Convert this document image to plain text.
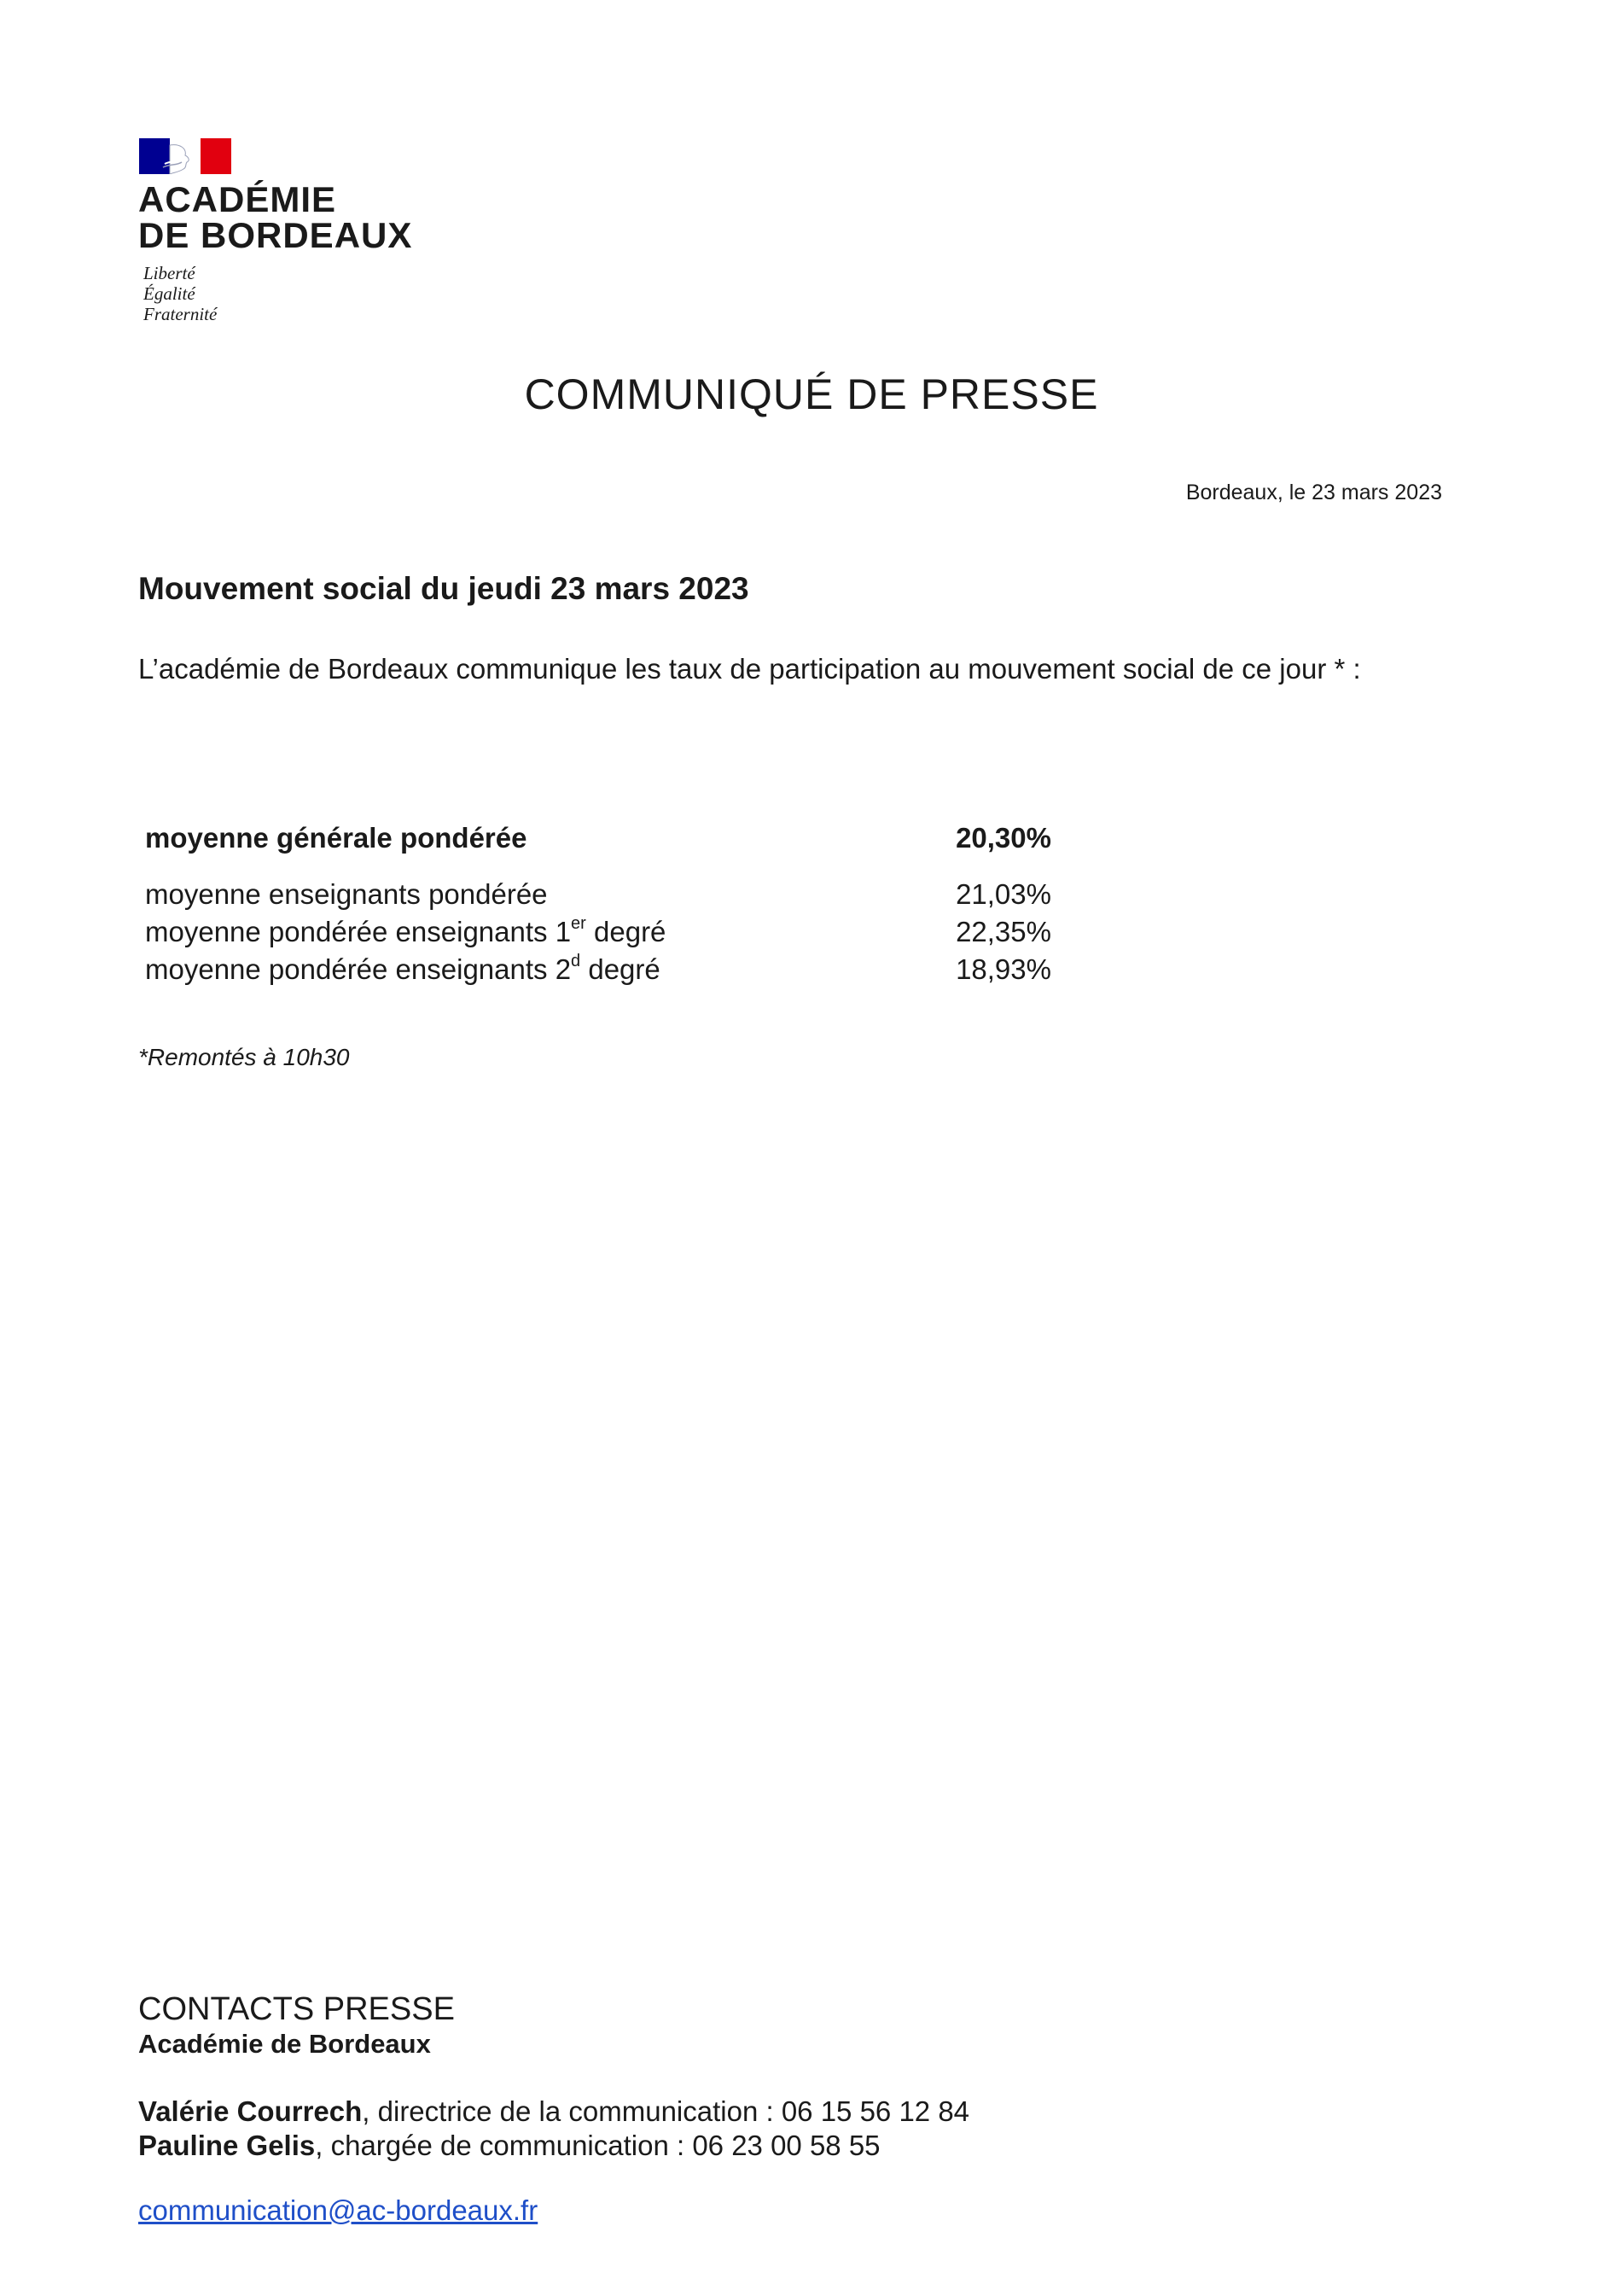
ACADÉMIE
DE BORDEAUX
Liberté
Égalité
Fraternité
COMMUNIQUÉ DE PRESSE
Bordeaux, le 23 mars 2023
Mouvement social du jeudi 23 mars 2023
L’académie de Bordeaux communique les taux de participation au mouvement social de ce jour * :
moyenne générale pondérée	20,30%
moyenne enseignants pondérée	21,03%
moyenne pondérée enseignants 1er degré	22,35%
moyenne pondérée enseignants 2$^d$ degré	18,93%
*Remontés à 10h30
CONTACTS PRESSE
Académie de Bordeaux
Valérie Courrech, directrice de la communication : 06 15 56 12 84
Pauline Gelis, chargée de communication : 06 23 00 58 55
communication@ac-bordeaux.fr
